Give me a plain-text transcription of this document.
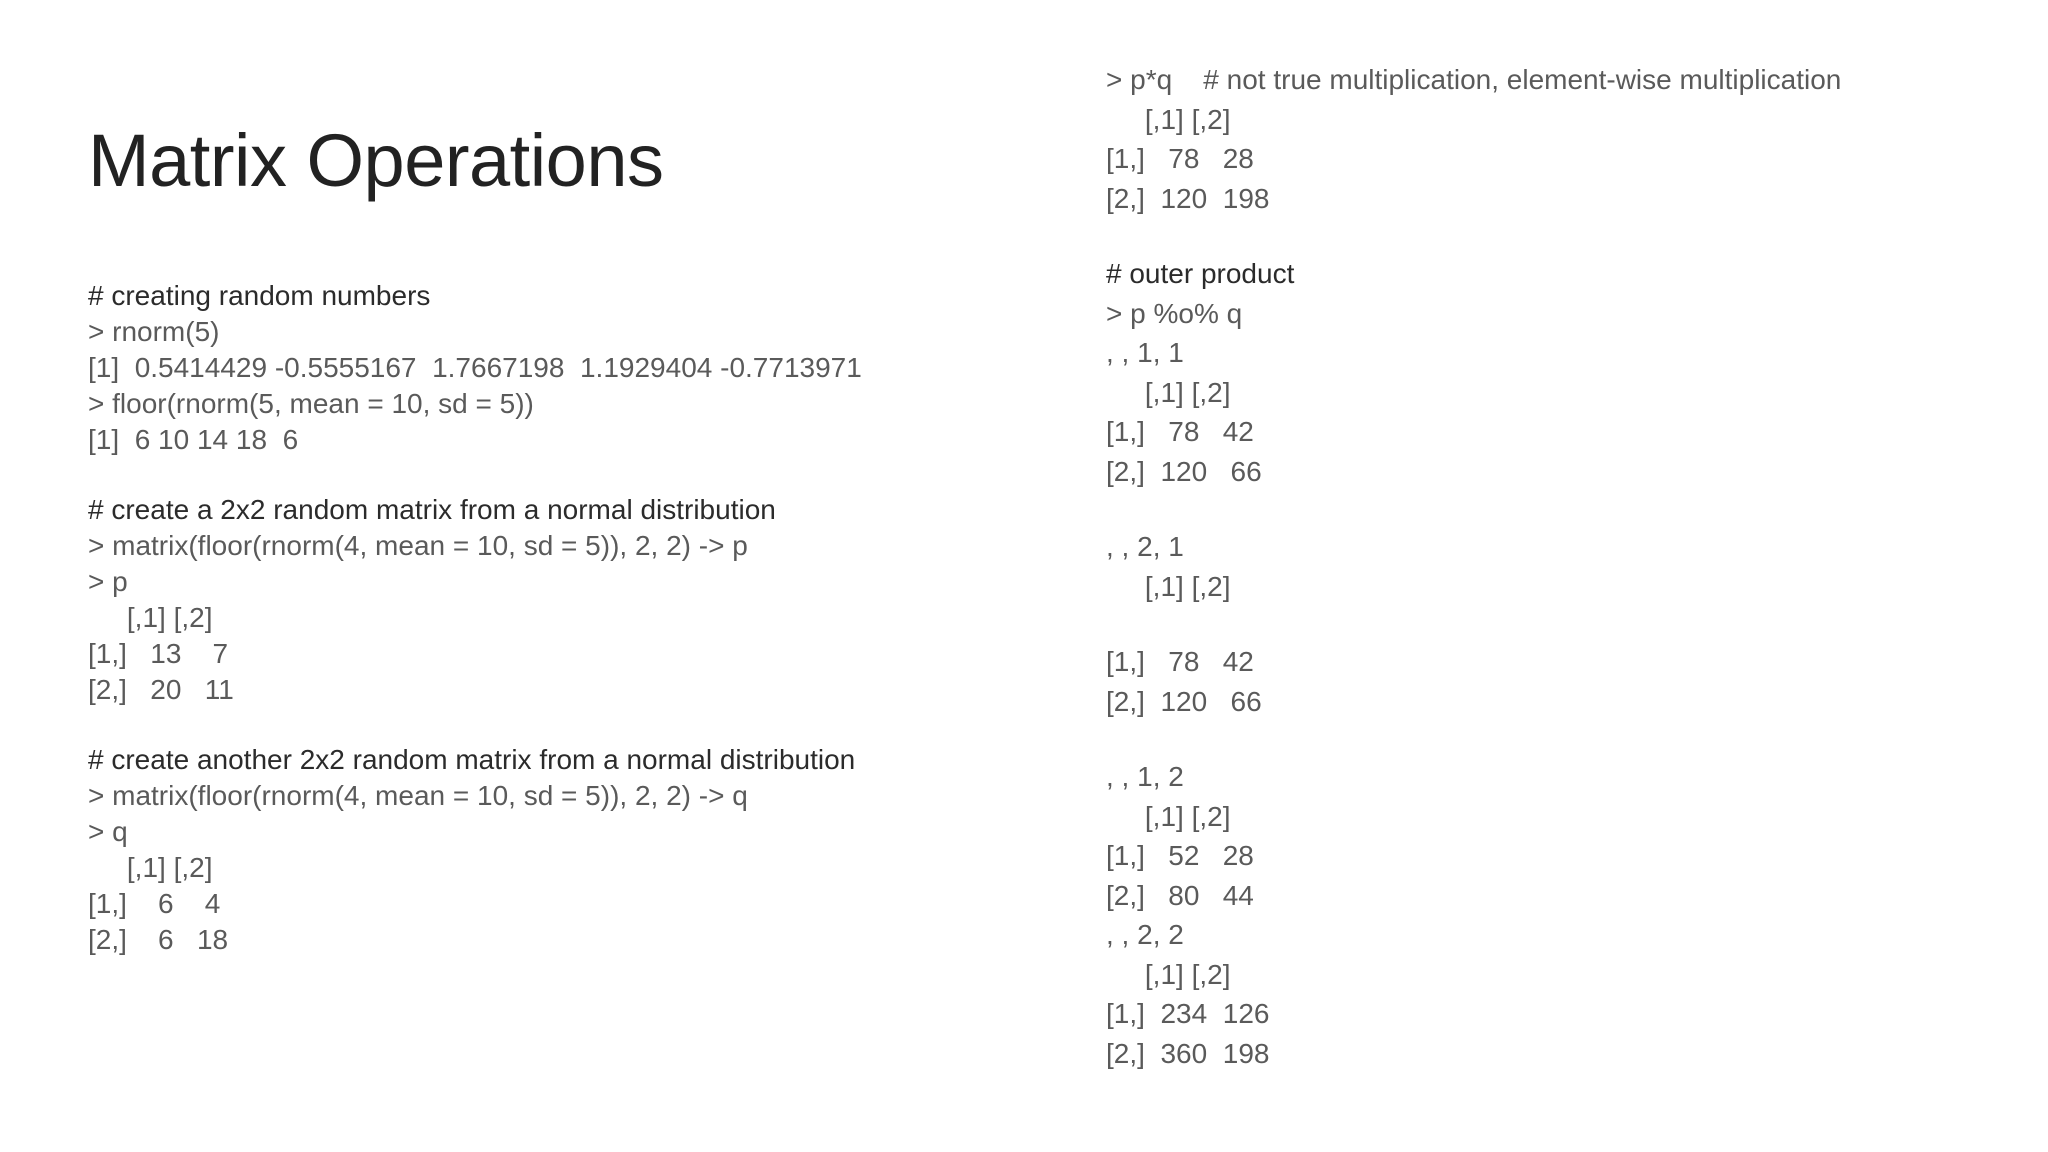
Matrix Operations
# creating random numbers
> rnorm(5)
[1]  0.5414429 -0.5555167  1.7667198  1.1929404 -0.7713971
> floor(rnorm(5, mean = 10, sd = 5))
[1]  6 10 14 18  6
# create a 2x2 random matrix from a normal distribution
> matrix(floor(rnorm(4, mean = 10, sd = 5)), 2, 2) -> p
> p
[,1] [,2]
[1,]   13    7
[2,]   20   11
# create another 2x2 random matrix from a normal distribution
> matrix(floor(rnorm(4, mean = 10, sd = 5)), 2, 2) -> q
> q
[,1] [,2]
[1,]    6    4
[2,]    6   18
> p*q    # not true multiplication, element-wise multiplication
[,1] [,2]
[1,]   78   28
[2,]  120  198
# outer product
> p %o% q
, , 1, 1
[,1] [,2]
[1,]   78   42
[2,]  120   66
, , 2, 1
[,1] [,2]
[1,]   78   42
[2,]  120   66
, , 1, 2
[,1] [,2]
[1,]   52   28
[2,]   80   44
, , 2, 2
[,1] [,2]
[1,]  234  126
[2,]  360  198
